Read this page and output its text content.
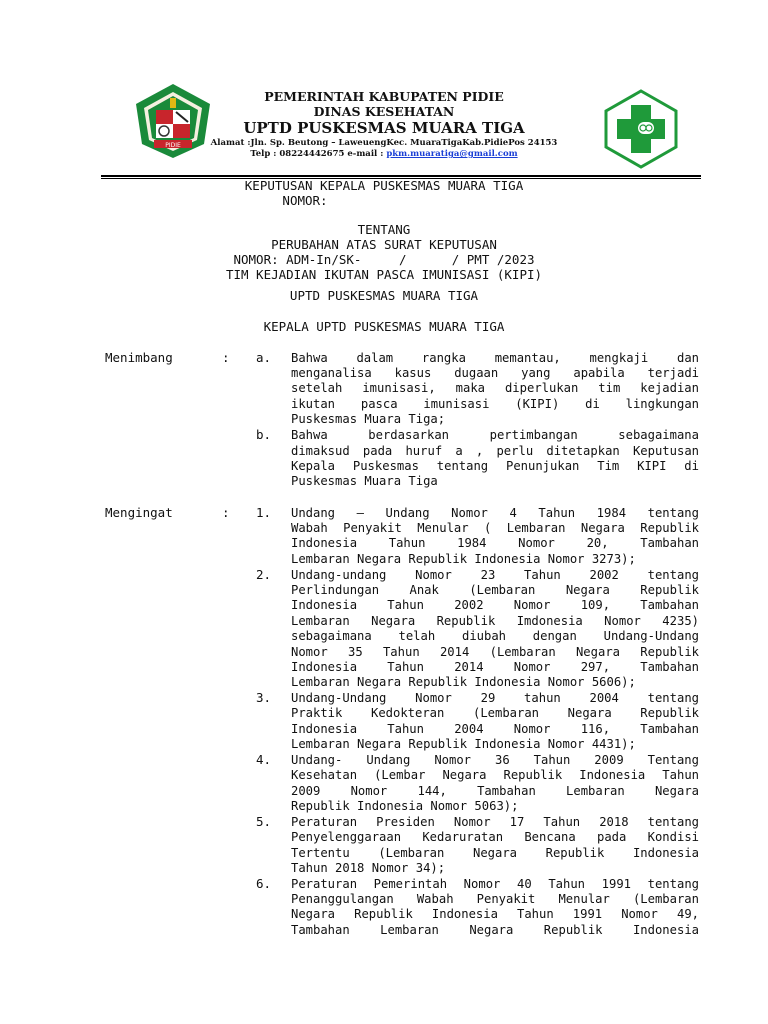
PIDIE
PEMERINTAH KABUPATEN PIDIE
DINAS KESEHATAN
UPTD PUSKESMAS MUARA TIGA
Alamat :Jln. Sp. Beutong – LaweuengKec. MuaraTigaKab.PidiePos 24153
Telp : 08224442675 e-mail : pkm.muaratiga@gmail.com
KEPUTUSAN KEPALA PUSKESMAS MUARA TIGA
NOMOR:
TENTANG
PERUBAHAN ATAS SURAT KEPUTUSAN
NOMOR: ADM-In/SK-     /      / PMT /2023
TIM KEJADIAN IKUTAN PASCA IMUNISASI (KIPI)
UPTD PUSKESMAS MUARA TIGA
KEPALA UPTD PUSKESMAS MUARA TIGA
Menimbang	: a. Bahwa dalam rangka memantau, mengkaji dan
menganalisa kasus dugaan yang apabila terjadi
setelah imunisasi, maka diperlukan tim kejadian
ikutan pasca imunisasi (KIPI) di lingkungan
Puskesmas Muara Tiga;
b. Bahwa berdasarkan pertimbangan sebagaimana
dimaksud pada huruf a , perlu ditetapkan Keputusan
Kepala Puskesmas tentang Penunjukan Tim KIPI di
Puskesmas Muara Tiga
Mengingat	: 1. Undang – Undang Nomor 4 Tahun 1984 tentang
Wabah Penyakit Menular ( Lembaran Negara Republik
Indonesia Tahun 1984 Nomor 20, Tambahan
Lembaran Negara Republik Indonesia Nomor 3273);
2. Undang-undang Nomor 23 Tahun 2002 tentang
Perlindungan Anak (Lembaran Negara Republik
Indonesia Tahun 2002 Nomor 109, Tambahan
Lembaran Negara Republik Imdonesia Nomor 4235)
sebagaimana telah diubah dengan Undang-Undang
Nomor 35 Tahun 2014 (Lembaran Negara Republik
Indonesia Tahun 2014 Nomor 297, Tambahan
Lembaran Negara Republik Indonesia Nomor 5606);
3. Undang-Undang Nomor 29 tahun 2004 tentang
Praktik Kedokteran (Lembaran Negara Republik
Indonesia Tahun 2004 Nomor 116, Tambahan
Lembaran Negara Republik Indonesia Nomor 4431);
4. Undang- Undang Nomor 36 Tahun 2009 Tentang
Kesehatan (Lembar Negara Republik Indonesia Tahun
2009 Nomor 144, Tambahan Lembaran Negara
Republik Indonesia Nomor 5063);
5. Peraturan Presiden Nomor 17 Tahun 2018 tentang
Penyelenggaraan Kedaruratan Bencana pada Kondisi
Tertentu (Lembaran Negara Republik Indonesia
Tahun 2018 Nomor 34);
6. Peraturan Pemerintah Nomor 40 Tahun 1991 tentang
Penanggulangan Wabah Penyakit Menular (Lembaran
Negara Republik Indonesia Tahun 1991 Nomor 49,
Tambahan Lembaran Negara Republik Indonesia
